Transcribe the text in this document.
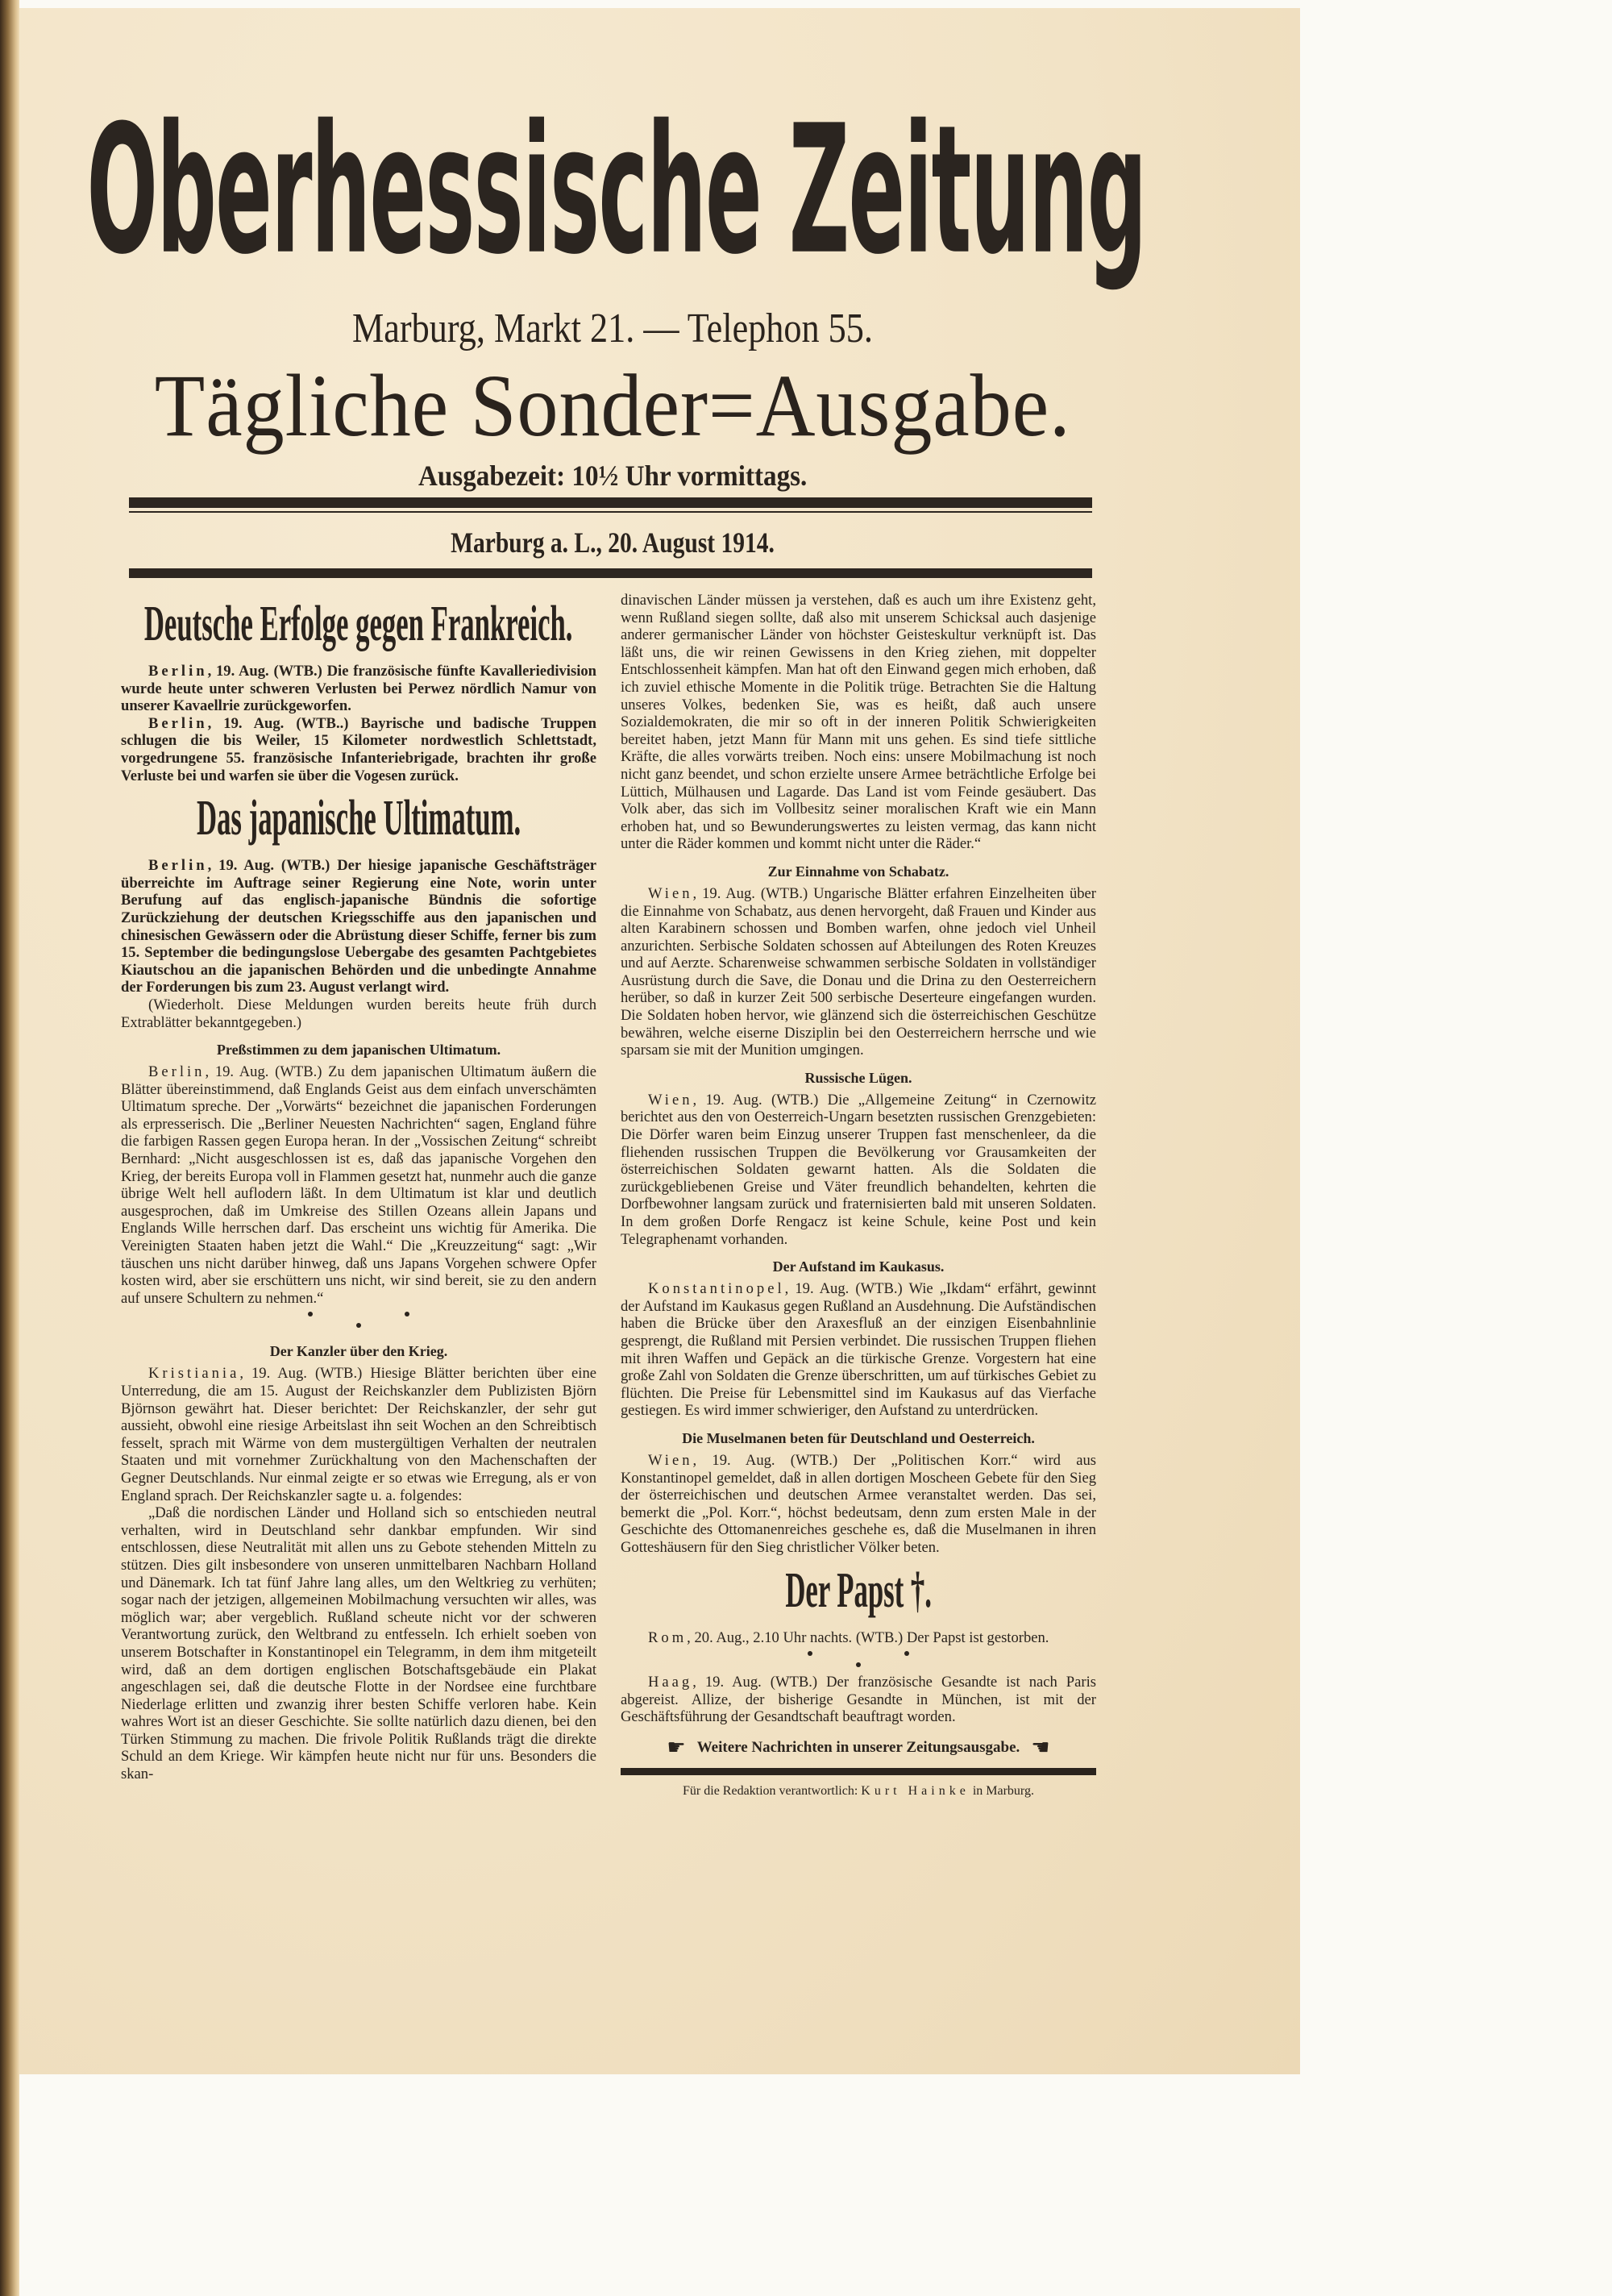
Oberhessische Zeitung
Marburg, Markt 21. — Telephon 55.
Tägliche Sonder=Ausgabe.
Ausgabezeit: 10½ Uhr vormittags.
Marburg a. L., 20. August 1914.
Deutsche Erfolge gegen Frankreich.

Berlin, 19. Aug. (WTB.) Die französische fünfte Kavalleriedivision wurde heute unter schweren Verlusten bei Perwez nördlich Namur von unserer Kavaellrie zurückgeworfen.

Berlin, 19. Aug. (WTB..) Bayrische und badische Truppen schlugen die bis Weiler, 15 Kilometer nordwestlich Schlettstadt, vorgedrungene 55. französische Infanteriebrigade, brachten ihr große Verluste bei und warfen sie über die Vogesen zurück.

Das japanische Ultimatum.

Berlin, 19. Aug. (WTB.) Der hiesige japanische Geschäftsträger überreichte im Auftrage seiner Regierung eine Note, worin unter Berufung auf das englisch-japanische Bündnis die sofortige Zurückziehung der deutschen Kriegsschiffe aus den japanischen und chinesischen Gewässern oder die Abrüstung dieser Schiffe, ferner bis zum 15. September die bedingungslose Uebergabe des gesamten Pachtgebietes Kiautschou an die japanischen Behörden und die unbedingte Annahme der Forderungen bis zum 23. August verlangt wird.

(Wiederholt. Diese Meldungen wurden bereits heute früh durch Extrablätter bekanntgegeben.)

Preßstimmen zu dem japanischen Ultimatum.

Berlin, 19. Aug. (WTB.) Zu dem japanischen Ultimatum äußern die Blätter übereinstimmend, daß Englands Geist aus dem einfach unverschämten Ultimatum spreche. Der „Vorwärts“ bezeichnet die japanischen Forderungen als erpresserisch. Die „Berliner Neuesten Nachrichten“ sagen, England führe die farbigen Rassen gegen Europa heran. In der „Vossischen Zeitung“ schreibt Bernhard: „Nicht ausgeschlossen ist es, daß das japanische Vorgehen den Krieg, der bereits Europa voll in Flammen gesetzt hat, nunmehr auch die ganze übrige Welt hell auflodern läßt. In dem Ultimatum ist klar und deutlich ausgesprochen, daß im Umkreise des Stillen Ozeans allein Japans und Englands Wille herrschen darf. Das erscheint uns wichtig für Amerika. Die Vereinigten Staaten haben jetzt die Wahl.“ Die „Kreuzzeitung“ sagt: „Wir täuschen uns nicht darüber hinweg, daß uns Japans Vorgehen schwere Opfer kosten wird, aber sie erschüttern uns nicht, wir sind bereit, sie zu den andern auf unsere Schultern zu nehmen.“

Der Kanzler über den Krieg.

Kristiania, 19. Aug. (WTB.) Hiesige Blätter berichten über eine Unterredung, die am 15. August der Reichskanzler dem Publizisten Björn Björnson gewährt hat. Dieser berichtet: Der Reichskanzler, der sehr gut aussieht, obwohl eine riesige Arbeitslast ihn seit Wochen an den Schreibtisch fesselt, sprach mit Wärme von dem mustergültigen Verhalten der neutralen Staaten und mit vornehmer Zurückhaltung von den Machenschaften der Gegner Deutschlands. Nur einmal zeigte er so etwas wie Erregung, als er von England sprach. Der Reichskanzler sagte u. a. folgendes:

„Daß die nordischen Länder und Holland sich so entschieden neutral verhalten, wird in Deutschland sehr dankbar empfunden. Wir sind entschlossen, diese Neutralität mit allen uns zu Gebote stehenden Mitteln zu stützen. Dies gilt insbesondere von unseren unmittelbaren Nachbarn Holland und Dänemark. Ich tat fünf Jahre lang alles, um den Weltkrieg zu verhüten; sogar nach der jetzigen, allgemeinen Mobilmachung versuchten wir alles, was möglich war; aber vergeblich. Rußland scheute nicht vor der schweren Verantwortung zurück, den Weltbrand zu entfesseln. Ich erhielt soeben von unserem Botschafter in Konstantinopel ein Telegramm, in dem ihm mitgeteilt wird, daß an dem dortigen englischen Botschaftsgebäude ein Plakat angeschlagen sei, daß die deutsche Flotte in der Nordsee eine furchtbare Niederlage erlitten und zwanzig ihrer besten Schiffe verloren habe. Kein wahres Wort ist an dieser Geschichte. Sie sollte natürlich dazu dienen, bei den Türken Stimmung zu machen. Die frivole Politik Rußlands trägt die direkte Schuld an dem Kriege. Wir kämpfen heute nicht nur für uns. Besonders die skan-

dinavischen Länder müssen ja verstehen, daß es auch um ihre Existenz geht, wenn Rußland siegen sollte, daß also mit unserem Schicksal auch dasjenige anderer germanischer Länder von höchster Geisteskultur verknüpft ist. Das läßt uns, die wir reinen Gewissens in den Krieg ziehen, mit doppelter Entschlossenheit kämpfen. Man hat oft den Einwand gegen mich erhoben, daß ich zuviel ethische Momente in die Politik trüge. Betrachten Sie die Haltung unseres Volkes, bedenken Sie, was es heißt, daß auch unsere Sozialdemokraten, die mir so oft in der inneren Politik Schwierigkeiten bereitet haben, jetzt Mann für Mann mit uns gehen. Es sind tiefe sittliche Kräfte, die alles vorwärts treiben. Noch eins: unsere Mobilmachung ist noch nicht ganz beendet, und schon erzielte unsere Armee beträchtliche Erfolge bei Lüttich, Mülhausen und Lagarde. Das Land ist vom Feinde gesäubert. Das Volk aber, das sich im Vollbesitz seiner moralischen Kraft wie ein Mann erhoben hat, und so Bewunderungswertes zu leisten vermag, das kann nicht unter die Räder kommen und kommt nicht unter die Räder.“

Zur Einnahme von Schabatz.

Wien, 19. Aug. (WTB.) Ungarische Blätter erfahren Einzelheiten über die Einnahme von Schabatz, aus denen hervorgeht, daß Frauen und Kinder aus alten Karabinern schossen und Bomben warfen, ohne jedoch viel Unheil anzurichten. Serbische Soldaten schossen auf Abteilungen des Roten Kreuzes und auf Aerzte. Scharenweise schwammen serbische Soldaten in vollständiger Ausrüstung durch die Save, die Donau und die Drina zu den Oesterreichern herüber, so daß in kurzer Zeit 500 serbische Deserteure eingefangen wurden. Die Soldaten hoben hervor, wie glänzend sich die österreichischen Geschütze bewähren, welche eiserne Disziplin bei den Oesterreichern herrsche und wie sparsam sie mit der Munition umgingen.

Russische Lügen.

Wien, 19. Aug. (WTB.) Die „Allgemeine Zeitung“ in Czernowitz berichtet aus den von Oesterreich-Ungarn besetzten russischen Grenzgebieten: Die Dörfer waren beim Einzug unserer Truppen fast menschenleer, da die fliehenden russischen Truppen die Bevölkerung vor Grausamkeiten der österreichischen Soldaten gewarnt hatten. Als die Soldaten die zurückgebliebenen Greise und Väter freundlich behandelten, kehrten die Dorfbewohner langsam zurück und fraternisierten bald mit unseren Soldaten. In dem großen Dorfe Rengacz ist keine Schule, keine Post und kein Telegraphenamt vorhanden.

Der Aufstand im Kaukasus.

Konstantinopel, 19. Aug. (WTB.) Wie „Ikdam“ erfährt, gewinnt der Aufstand im Kaukasus gegen Rußland an Ausdehnung. Die Aufständischen haben die Brücke über den Araxesfluß an der einzigen Eisenbahnlinie gesprengt, die Rußland mit Persien verbindet. Die russischen Truppen fliehen mit ihren Waffen und Gepäck an die türkische Grenze. Vorgestern hat eine große Zahl von Soldaten die Grenze überschritten, um auf türkisches Gebiet zu flüchten. Die Preise für Lebensmittel sind im Kaukasus auf das Vierfache gestiegen. Es wird immer schwieriger, den Aufstand zu unterdrücken.

Die Muselmanen beten für Deutschland und Oesterreich.

Wien, 19. Aug. (WTB.) Der „Politischen Korr.“ wird aus Konstantinopel gemeldet, daß in allen dortigen Moscheen Gebete für den Sieg der österreichischen und deutschen Armee veranstaltet werden. Das sei, bemerkt die „Pol. Korr.“, höchst bedeutsam, denn zum ersten Male in der Geschichte des Ottomanenreiches geschehe es, daß die Muselmanen in ihren Gotteshäusern für den Sieg christlicher Völker beten.

Der Papst †.

Rom, 20. Aug., 2.10 Uhr nachts. (WTB.) Der Papst ist gestorben.

Haag, 19. Aug. (WTB.) Der französische Gesandte ist nach Paris abgereist. Allize, der bisherige Gesandte in München, ist mit der Geschäftsführung der Gesandtschaft beauftragt worden.

☛ Weitere Nachrichten in unserer Zeitungsausgabe. ☚
Für die Redaktion verantwortlich: Kurt Hainke in Marburg.
